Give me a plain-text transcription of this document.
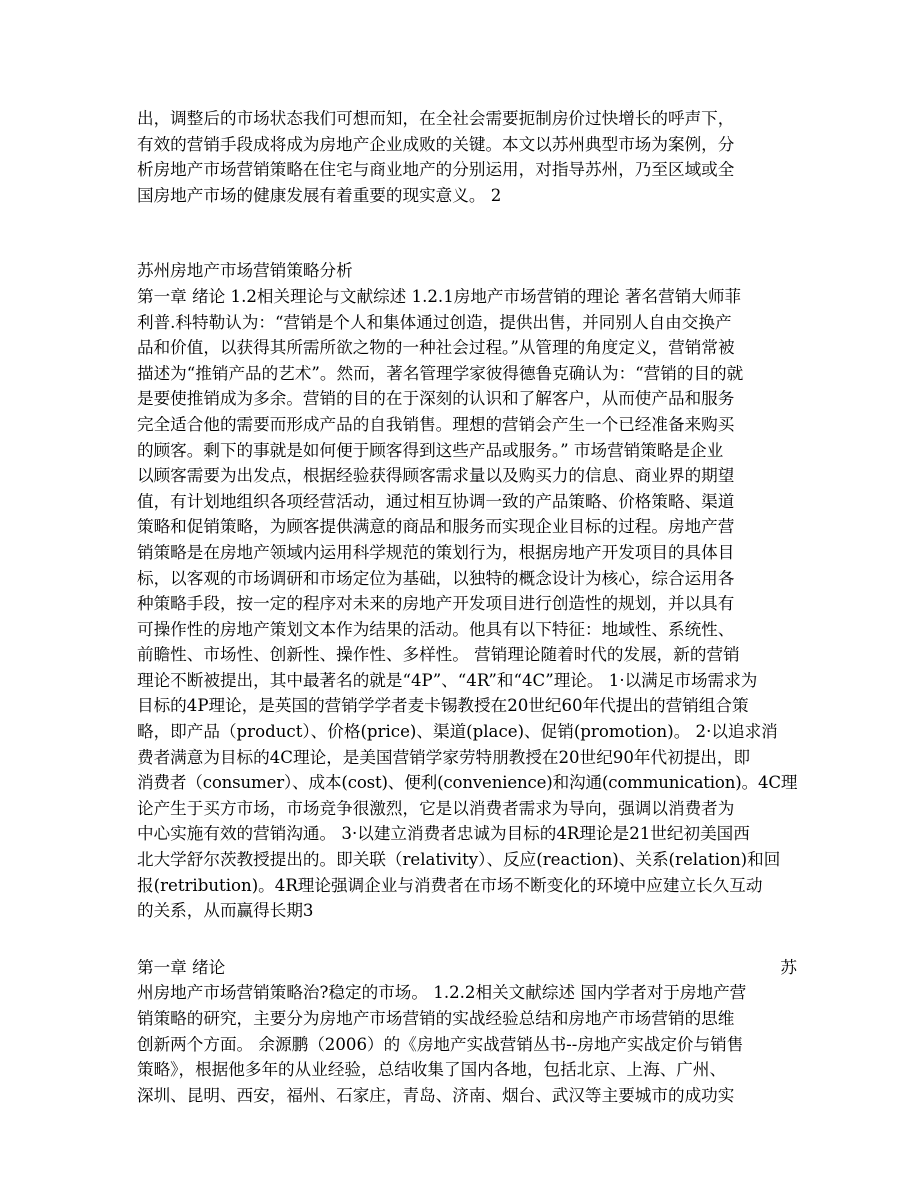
出，调整后的市场状态我们可想而知，在全社会需要扼制房价过快增长的呼声下，
有效的营销手段成将成为房地产企业成败的关键。本文以苏州典型市场为案例，分
析房地产市场营销策略在住宅与商业地产的分别运用，对指导苏州，乃至区域或全
国房地产市场的健康发展有着重要的现实意义。 2
苏州房地产市场营销策略分析
第一章 绪论 1.2相关理论与文献综述 1.2.1房地产市场营销的理论 著名营销大师菲
利普.科特勒认为：“营销是个人和集体通过创造，提供出售，并同别人自由交换产
品和价值，以获得其所需所欲之物的一种社会过程。”从管理的角度定义，营销常被
描述为“推销产品的艺术”。然而，著名管理学家彼得德鲁克确认为：“营销的目的就
是要使推销成为多余。营销的目的在于深刻的认识和了解客户，从而使产品和服务
完全适合他的需要而形成产品的自我销售。理想的营销会产生一个已经准备来购买
的顾客。剩下的事就是如何便于顾客得到这些产品或服务。” 市场营销策略是企业
以顾客需要为出发点，根据经验获得顾客需求量以及购买力的信息、商业界的期望
值，有计划地组织各项经营活动，通过相互协调一致的产品策略、价格策略、渠道
策略和促销策略，为顾客提供满意的商品和服务而实现企业目标的过程。房地产营
销策略是在房地产领域内运用科学规范的策划行为，根据房地产开发项目的具体目
标，以客观的市场调研和市场定位为基础，以独特的概念设计为核心，综合运用各
种策略手段，按一定的程序对未来的房地产开发项目进行创造性的规划，并以具有
可操作性的房地产策划文本作为结果的活动。他具有以下特征：地域性、系统性、
前瞻性、市场性、创新性、操作性、多样性。 营销理论随着时代的发展，新的营销
理论不断被提出，其中最著名的就是“4P”、“4R”和“4C”理论。 1·以满足市场需求为
目标的4P理论，是英国的营销学学者麦卡锡教授在20世纪60年代提出的营销组合策
略，即产品（product）、价格(price)、渠道(place)、促销(promotion)。 2·以追求消
费者满意为目标的4C理论，是美国营销学家劳特朋教授在20世纪90年代初提出，即
消费者（consumer）、成本(cost)、便利(convenience)和沟通(communication)。4C理
论产生于买方市场，市场竞争很激烈，它是以消费者需求为导向，强调以消费者为
中心实施有效的营销沟通。 3·以建立消费者忠诚为目标的4R理论是21世纪初美国西
北大学舒尔茨教授提出的。即关联（relativity）、反应(reaction)、关系(relation)和回
报(retribution)。4R理论强调企业与消费者在市场不断变化的环境中应建立长久互动
的关系，从而赢得长期3
第一章 绪论	苏
州房地产市场营销策略治?稳定的市场。 1.2.2相关文献综述 国内学者对于房地产营
销策略的研究，主要分为房地产市场营销的实战经验总结和房地产市场营销的思维
创新两个方面。 余源鹏（2006）的《房地产实战营销丛书--房地产实战定价与销售
策略》，根据他多年的从业经验，总结收集了国内各地，包括北京、上海、广州、
深圳、昆明、西安，福州、石家庄，青岛、济南、烟台、武汉等主要城市的成功实
